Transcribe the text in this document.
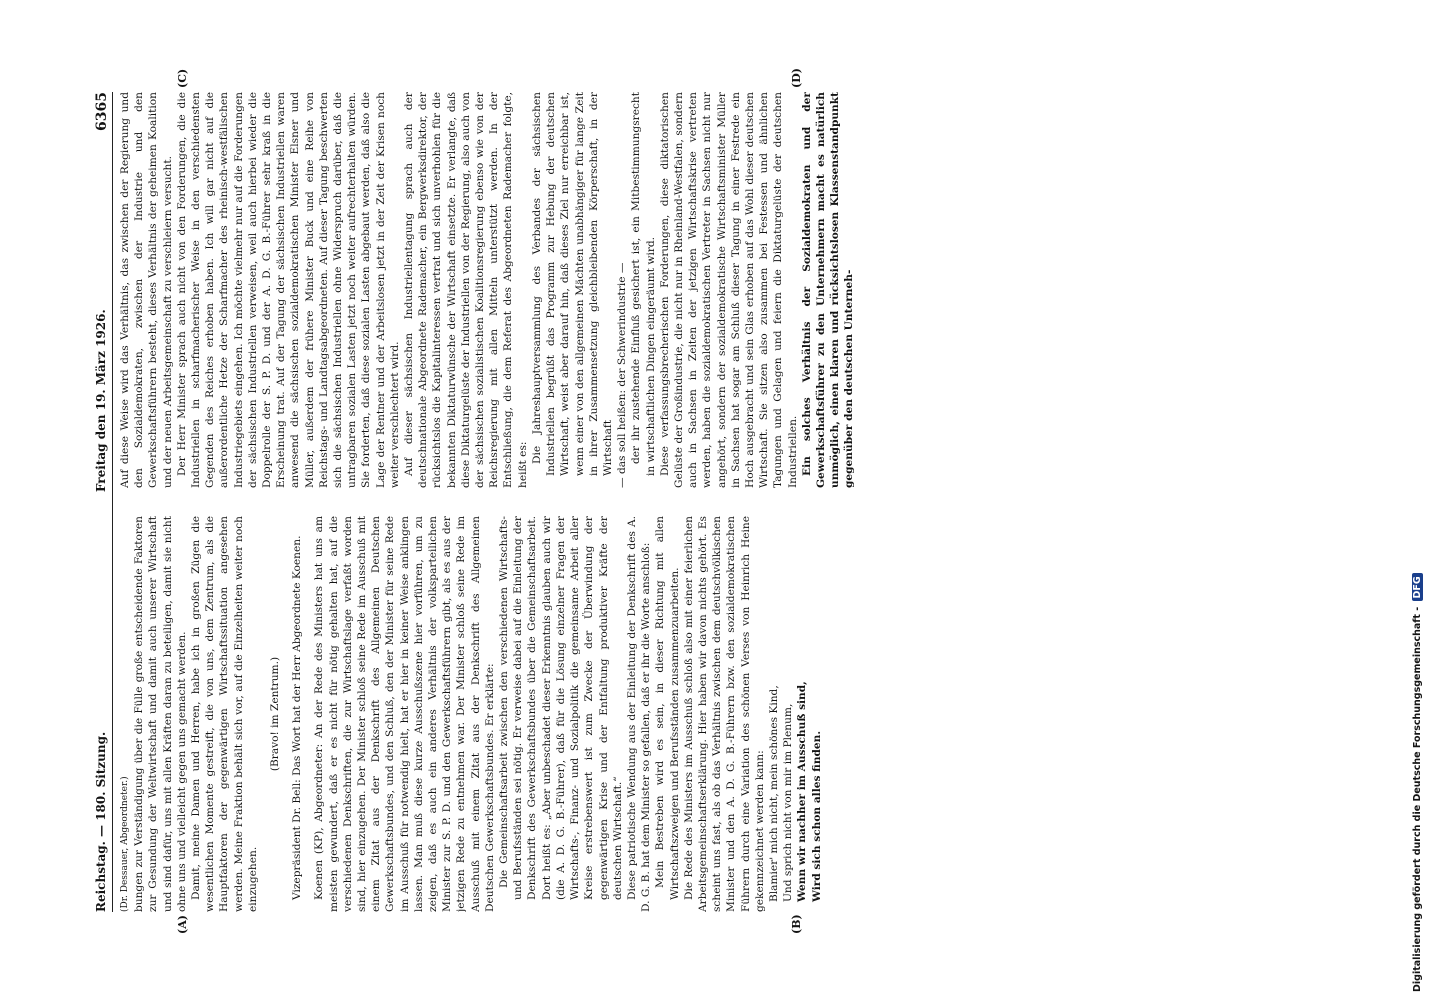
Reichstag. — 180. Sitzung.
Freitag den 19. März 1926.
6365

(Dr. Dessauer, Abgeordneter.) bungen zur Verständigung über die Fülle große entscheidende Faktoren zur Gesundung der Weltwirtschaft und damit auch unserer Wirtschaft und sind dafür, uns mit allen Kräften daran zu beteiligen, damit sie nicht ohne uns und vielleicht gegen uns gemacht werden. Damit, meine Damen und Herren, habe ich in großen Zügen die wesentlichen Momente gestreift, die von uns, dem Zentrum, als die Hauptfaktoren der gegenwärtigen Wirtschaftssituation angesehen werden. Meine Fraktion behält sich vor, auf die Einzelheiten weiter noch einzugehen.

(Bravo! im Zentrum.) Vizepräsident Dr. Bell: Das Wort hat der Herr Abgeordnete Koenen. Koenen (KP), Abgeordneter: An der Rede des Ministers hat uns am meisten gewundert, daß er es nicht für nötig gehalten hat, auf die verschiedenen Denkschriften, die zur Wirtschaftslage verfaßt worden sind, hier einzugehen. Der Minister schloß seine Rede im Ausschuß mit einem Zitat aus der Denkschrift des Allgemeinen Deutschen Gewerkschaftsbundes, und den Schluß, den der Minister für seine Rede im Ausschuß für notwendig hielt, hat er hier in keiner Weise anklingen lassen. Man muß diese kurze Ausschußszene hier vorführen, um zu zeigen, daß es auch ein anderes Verhältnis der volksparteilichen Minister zur S. P. D. und den Gewerkschaftsführern gibt, als es aus der jetzigen Rede zu entnehmen war. Der Minister schloß seine Rede im Ausschuß mit einem Zitat aus der Denkschrift des Allgemeinen Deutschen Gewerkschaftsbundes. Er erklärte: Die Gemeinschaftsarbeit zwischen den verschiedenen Wirtschafts- und Berufsständen sei nötig. Er verweise dabei auf die Einleitung der Denkschrift des Gewerkschaftsbundes über die Gemeinschaftsarbeit. Dort heißt es: „Aber unbeschadet dieser Erkenntnis glauben auch wir (die A. D. G. B.-Führer), daß für die Lösung einzelner Fragen der Wirtschafts-, Finanz- und Sozialpolitik die gemeinsame Arbeit aller Kreise erstrebenswert ist zum Zwecke der Überwindung der gegenwärtigen Krise und der Entfaltung produktiver Kräfte der deutschen Wirtschaft.“ Diese patriotische Wendung aus der Einleitung der Denkschrift des A. D. G. B. hat dem Minister so gefallen, daß er ihr die Worte anschloß: Mein Bestreben wird es sein, in dieser Richtung mit allen Wirtschaftszweigen und Berufsständen zusammenzuarbeiten. Die Rede des Ministers im Ausschuß schloß also mit einer feierlichen Arbeitsgemeinschaftserklärung. Hier haben wir davon nichts gehört. Es scheint uns fast, als ob das Verhältnis zwischen dem deutschvölkischen Minister und den A. D. G. B.-Führern bzw. den sozialdemokratischen Führern durch eine Variation des schönen Verses von Heinrich Heine gekennzeichnet werden kann: Blamier' mich nicht, mein schönes Kind, Und sprich nicht von mir im Plenum, Wenn wir nachher im Ausschuß sind, Wird sich schon alles finden.

Auf diese Weise wird das Verhältnis, das zwischen der Regierung und den Sozialdemokraten, zwischen der Industrie und den Gewerkschaftsführern besteht, dieses Verhältnis der geheimen Koalition und der neuen Arbeitsgemeinschaft zu verschleiern versucht. Der Herr Minister sprach auch nicht von den Forderungen, die die Industriellen in scharfmacherischer Weise in den verschiedensten Gegenden des Reiches erhoben haben. Ich will gar nicht auf die außerordentliche Hetze der Scharfmacher des rheinisch-westfälischen Industriegebiets eingehen. Ich möchte vielmehr nur auf die Forderungen der sächsischen Industriellen verweisen, weil auch hierbei wieder die Doppelrolle der S. P. D. und der A. D. G. B.-Führer sehr kraß in die Erscheinung trat. Auf der Tagung der sächsischen Industriellen waren anwesend die sächsischen sozialdemokratischen Minister Elsner und Müller, außerdem der frühere Minister Buck und eine Reihe von Reichstags- und Landtagsabgeordneten. Auf dieser Tagung beschwerten sich die sächsischen Industriellen ohne Widerspruch darüber, daß die untragbaren sozialen Lasten jetzt noch weiter aufrechterhalten würden. Sie forderten, daß diese sozialen Lasten abgebaut werden, daß also die Lage der Rentner und der Arbeitslosen jetzt in der Zeit der Krisen noch weiter verschlechtert wird. Auf dieser sächsischen Industriellentagung sprach auch der deutschnationale Abgeordnete Rademacher, ein Bergwerksdirektor, der rücksichtslos die Kapitalinteressen vertrat und sich unverhohlen für die bekannten Diktaturwünsche der Wirtschaft einsetzte. Er verlangte, daß diese Diktaturgelüste der Industriellen von der Regierung, also auch von der sächsischen sozialistischen Koalitionsregierung ebenso wie von der Reichsregierung mit allen Mitteln unterstützt werden. In der Entschließung, die dem Referat des Abgeordneten Rademacher folgte, heißt es:

Die Jahreshauptversammlung des Verbandes der sächsischen Industriellen begrüßt das Programm zur Hebung der deutschen Wirtschaft, weist aber darauf hin, daß dieses Ziel nur erreichbar ist, wenn einer von den allgemeinen Mächten unabhängiger für lange Zeit in ihrer Zusammensetzung gleichbleibenden Körperschaft, in der Wirtschaft — das soll heißen: der Schwerindustrie — der ihr zustehende Einfluß gesichert ist, ein Mitbestimmungsrecht in wirtschaftlichen Dingen eingeräumt wird. Diese verfassungsbrecherischen Forderungen, diese diktatorischen Gelüste der Großindustrie, die nicht nur in Rheinland-Westfalen, sondern auch in Sachsen in Zeiten der jetzigen Wirtschaftskrise vertreten werden, haben die sozialdemokratischen Vertreter in Sachsen nicht nur angehört, sondern der sozialdemokratische Wirtschaftsminister Müller in Sachsen hat sogar am Schluß dieser Tagung in einer Festrede ein Hoch ausgebracht und sein Glas erhoben auf das Wohl dieser deutschen Wirtschaft. Sie sitzen also zusammen bei Festessen und ähnlichen Tagungen und Gelagen und feiern die Diktaturgelüste der deutschen Industriellen. Ein solches Verhältnis der Sozialdemokraten und der Gewerkschaftsführer zu den Unternehmern macht es natürlich unmöglich, einen klaren und rücksichtslosen Klassenstandpunkt gegenüber den deutschen Unterneh-

(A)	(B)
(C)	(D)
Digitalisierung gefördert durch die Deutsche Forschungsgemeinschaft - DFG
